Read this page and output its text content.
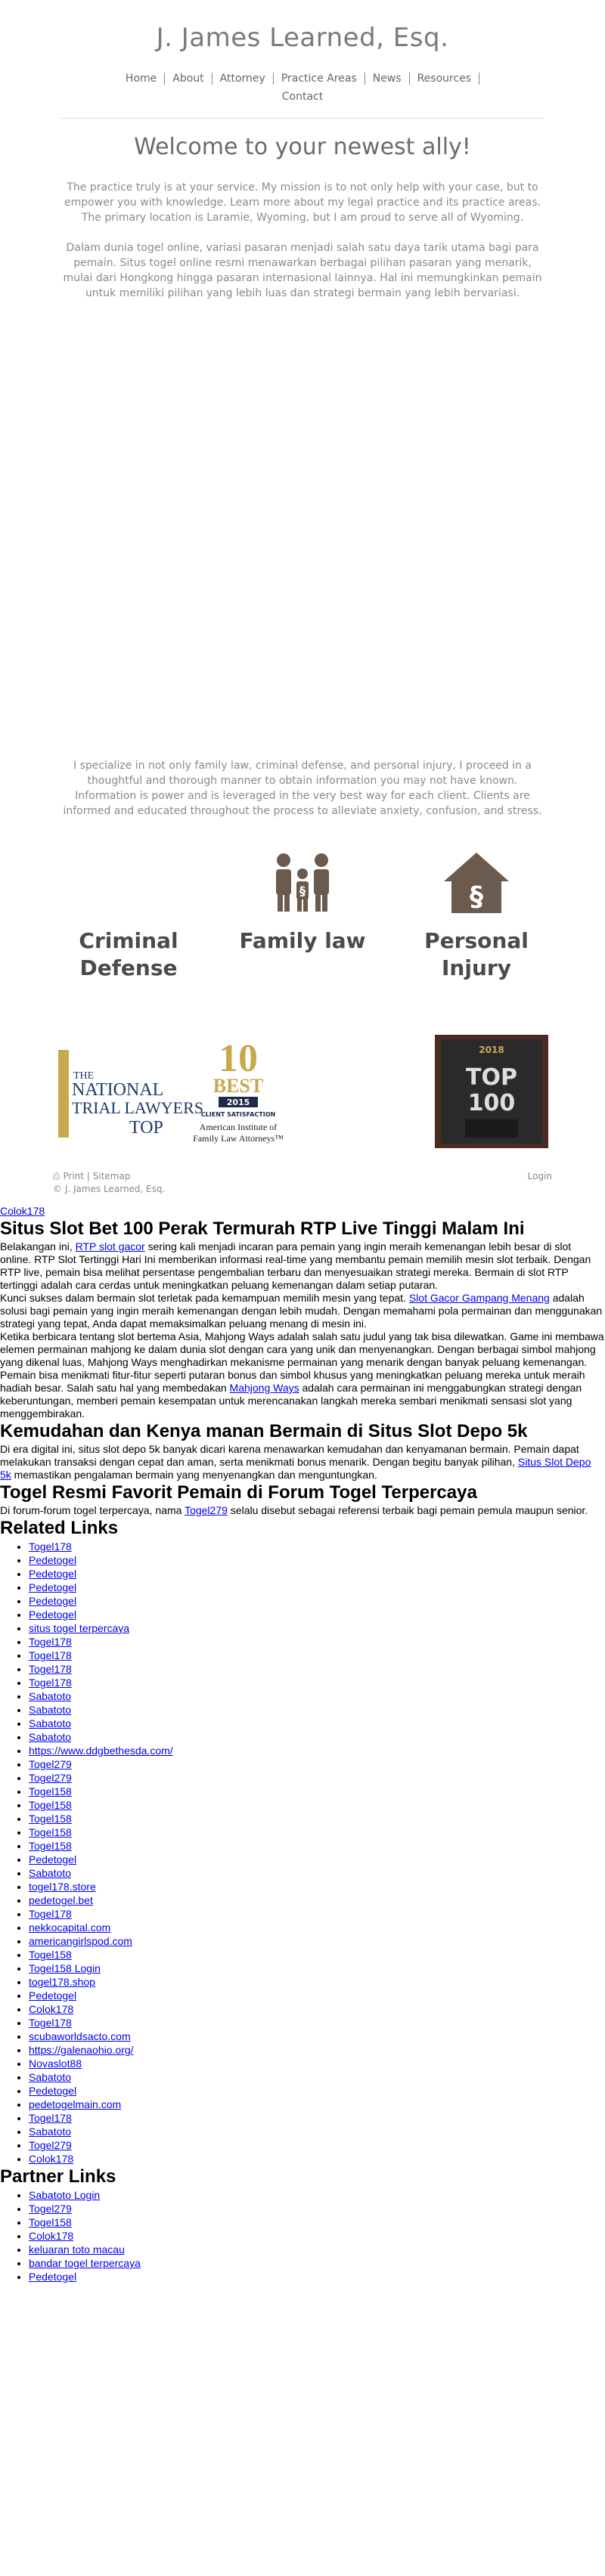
J. James Learned, Esq.
Home About Attorney Practice Areas News Resources
Contact
Welcome to your newest ally!

The practice truly is at your service. My mission is to not only help with your case, but to empower you with knowledge. Learn more about my legal practice and its practice areas. The primary location is Laramie, Wyoming, but I am proud to serve all of Wyoming.

Dalam dunia togel online, variasi pasaran menjadi salah satu daya tarik utama bagi para pemain. Situs togel online resmi menawarkan berbagai pilihan pasaran yang menarik, mulai dari Hongkong hingga pasaran internasional lainnya. Hal ini memungkinkan pemain untuk memiliki pilihan yang lebih luas dan strategi bermain yang lebih bervariasi.

I specialize in not only family law, criminal defense, and personal injury, I proceed in a thoughtful and thorough manner to obtain information you may not have known. Information is power and is leveraged in the very best way for each client. Clients are informed and educated throughout the process to alleviate anxiety, confusion, and stress.
Criminal Defense
§
Family law
§
Personal Injury
THE
NATIONAL
TRIAL LAWYERS
TOP
10
BEST
2015
CLIENT SATISFACTION
American Institute of
Family Law Attorneys™
2018
TOP
100
⎙ Print | Sitemap	Login
© J. James Learned, Esq.
Colok178
Situs Slot Bet 100 Perak Termurah RTP Live Tinggi Malam Ini

Belakangan ini, RTP slot gacor sering kali menjadi incaran para pemain yang ingin meraih kemenangan lebih besar di slot online. RTP Slot Tertinggi Hari Ini memberikan informasi real-time yang membantu pemain memilih mesin slot terbaik. Dengan RTP live, pemain bisa melihat persentase pengembalian terbaru dan menyesuaikan strategi mereka. Bermain di slot RTP tertinggi adalah cara cerdas untuk meningkatkan peluang kemenangan dalam setiap putaran.

Kunci sukses dalam bermain slot terletak pada kemampuan memilih mesin yang tepat. Slot Gacor Gampang Menang adalah solusi bagi pemain yang ingin meraih kemenangan dengan lebih mudah. Dengan memahami pola permainan dan menggunakan strategi yang tepat, Anda dapat memaksimalkan peluang menang di mesin ini.

Ketika berbicara tentang slot bertema Asia, Mahjong Ways adalah salah satu judul yang tak bisa dilewatkan. Game ini membawa elemen permainan mahjong ke dalam dunia slot dengan cara yang unik dan menyenangkan. Dengan berbagai simbol mahjong yang dikenal luas, Mahjong Ways menghadirkan mekanisme permainan yang menarik dengan banyak peluang kemenangan. Pemain bisa menikmati fitur-fitur seperti putaran bonus dan simbol khusus yang meningkatkan peluang mereka untuk meraih hadiah besar. Salah satu hal yang membedakan Mahjong Ways adalah cara permainan ini menggabungkan strategi dengan keberuntungan, memberi pemain kesempatan untuk merencanakan langkah mereka sembari menikmati sensasi slot yang menggembirakan.

Kemudahan dan Kenya manan Bermain di Situs Slot Depo 5k

Di era digital ini, situs slot depo 5k banyak dicari karena menawarkan kemudahan dan kenyamanan bermain. Pemain dapat melakukan transaksi dengan cepat dan aman, serta menikmati bonus menarik. Dengan begitu banyak pilihan, Situs Slot Depo 5k memastikan pengalaman bermain yang menyenangkan dan menguntungkan.

Togel Resmi Favorit Pemain di Forum Togel Terpercaya

Di forum-forum togel terpercaya, nama Togel279 selalu disebut sebagai referensi terbaik bagi pemain pemula maupun senior.

Related Links
• Togel178
• Pedetogel
• Pedetogel
• Pedetogel
• Pedetogel
• Pedetogel
• situs togel terpercaya
• Togel178
• Togel178
• Togel178
• Togel178
• Sabatoto
• Sabatoto
• Sabatoto
• Sabatoto
• https://www.ddgbethesda.com/
• Togel279
• Togel279
• Togel158
• Togel158
• Togel158
• Togel158
• Togel158
• Pedetogel
• Sabatoto
• togel178.store
• pedetogel.bet
• Togel178
• nekkocapital.com
• americangirlspod.com
• Togel158
• Togel158 Login
• togel178.shop
• Pedetogel
• Colok178
• Togel178
• scubaworldsacto.com
• https://galenaohio.org/
• Novaslot88
• Sabatoto
• Pedetogel
• pedetogelmain.com
• Togel178
• Sabatoto
• Togel279
• Colok178
Partner Links
• Sabatoto Login
• Togel279
• Togel158
• Colok178
• keluaran toto macau
• bandar togel terpercaya
• Pedetogel
